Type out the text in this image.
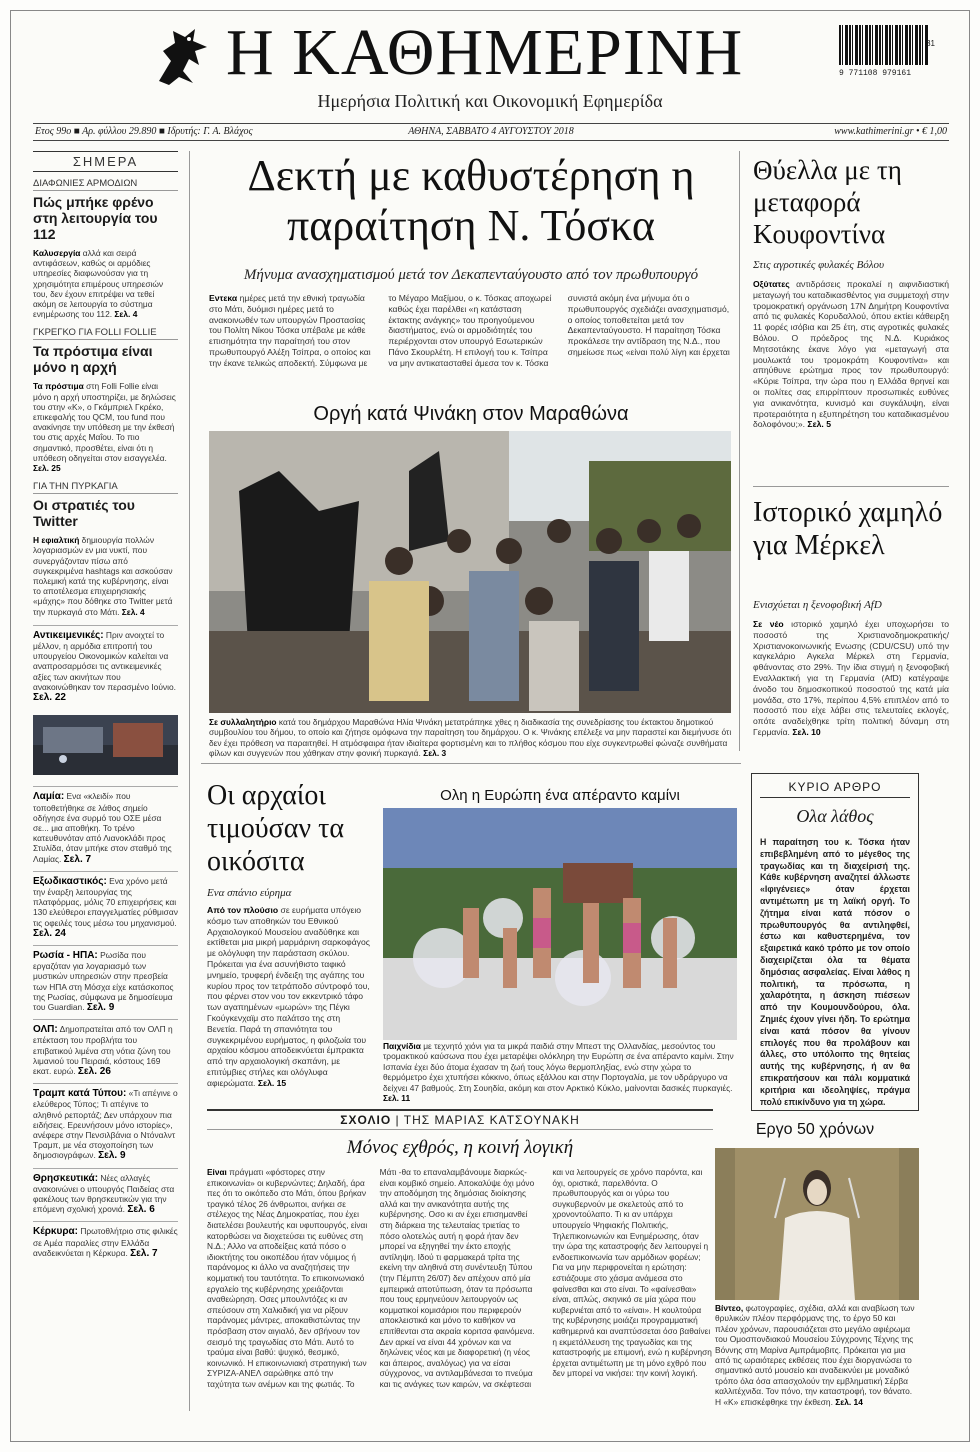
Η ΚΑΘΗΜΕΡΙΝΗ
Ημερήσια Πολιτική και Οικονομική Εφημερίδα
9 771108 979161
31
Ετος 99ο ■ Αρ. φύλλου 29.890 ■ Ιδρυτής: Γ. Α. Βλάχος	ΑΘΗΝΑ, ΣΑΒΒΑΤΟ 4 ΑΥΓΟΥΣΤΟΥ 2018	www.kathimerini.gr • € 1,00
ΣΗΜΕΡΑ
ΔΙΑΦΩΝΙΕΣ ΑΡΜΟΔΙΩΝ
Πώς μπήκε φρένο στη λειτουργία του 112
Καλυσεργία αλλά και σειρά αντιφάσεων, καθώς οι αρμόδιες υπηρεσίες διαφωνούσαν για τη χρησιμότητα επιμέρους υπηρεσιών του, δεν έχουν επιτρέψει να τεθεί ακόμη σε λειτουργία το σύστημα ενημέρωσης του 112. Σελ. 4
ΓΚΡΕΓΚΟ ΓΙΑ FOLLI FOLLIE
Τα πρόστιμα είναι μόνο η αρχή
Τα πρόστιμα στη Folli Follie είναι μόνο η αρχή υποστηρίζει, με δηλώσεις του στην «Κ», ο Γκάμπριελ Γκρέκο, επικεφαλής του QCM, του fund που ανακίνησε την υπόθεση με την έκθεσή του στις αρχές Μαΐου. Το πιο σημαντικό, προσθέτει, είναι ότι η υπόθεση οδηγείται στον εισαγγελέα. Σελ. 25
ΓΙΑ ΤΗΝ ΠΥΡΚΑΓΙΑ
Οι στρατιές του Twitter
Η εφιαλτική δημιουργία πολλών λογαριασμών εν μια νυκτί, που συνεργάζονταν πίσω από συγκεκριμένα hashtags και ασκούσαν πολεμική κατά της κυβέρνησης, είναι το αποτέλεσμα επιχειρησιακής «μάχης» που δόθηκε στο Twitter μετά την πυρκαγιά στο Μάτι. Σελ. 4
Αντικειμενικές: Πριν ανοιχτεί το μέλλον, η αρμόδια επιτροπή του υπουργείου Οικονομικών καλείται να αναπροσαρμόσει τις αντικειμενικές αξίες των ακινήτων που ανακοινώθηκαν τον περασμένο Ιούνιο. Σελ. 22
Λαμία: Ενα «κλειδί» που τοποθετήθηκε σε λάθος σημείο οδήγησε ένα συρμό του ΟΣΕ μέσα σε... μια αποθήκη. Το τρένο κατευθυνόταν από Λιανοκλάδι προς Στυλίδα, όταν μπήκε στον σταθμό της Λαμίας. Σελ. 7
Εξωδικαστικός: Ενα χρόνο μετά την έναρξη λειτουργίας της πλατφόρμας, μόλις 70 επιχειρήσεις και 130 ελεύθεροι επαγγελματίες ρύθμισαν τις οφειλές τους μέσω του μηχανισμού. Σελ. 24
Ρωσία - ΗΠΑ: Ρωσίδα που εργαζόταν για λογαριασμό των μυστικών υπηρεσιών στην πρεσβεία των ΗΠΑ στη Μόσχα είχε κατάσκοπος της Ρωσίας, σύμφωνα με δημοσίευμα του Guardian. Σελ. 9
ΟΛΠ: Δημοπρατείται από τον ΟΛΠ η επέκταση του προβλήτα του επιβατικού λιμένα στη νότια ζώνη του λιμανιού του Πειραιά, κόστους 169 εκατ. ευρώ. Σελ. 26
Τραμπ κατά Τύπου: «Τι απέγινε ο ελεύθερος Τύπος; Τι απέγινε το αληθινό ρεπορτάζ; Δεν υπάρχουν πια ειδήσεις. Ερευνήσουν μόνο ιστορίες», ανέφερε στην Πενσιλβάνια ο Ντόναλντ Τραμπ, με νέα στοχοποίηση των δημοσιογράφων. Σελ. 9
Θρησκευτικά: Νέες αλλαγές ανακοινώνει ο υπουργός Παιδείας στα φακέλους των θρησκευτικών για την επόμενη σχολική χρονιά. Σελ. 6
Κέρκυρα: Πρωτοθλήτριο στις φιλικές σε Αμέα παραλίες στην Ελλάδα αναδεικνύεται η Κέρκυρα. Σελ. 7
Δεκτή με καθυστέρηση η παραίτηση Ν. Τόσκα
Μήνυμα ανασχηματισμού μετά τον Δεκαπενταύγουστο από τον πρωθυπουργό
Εντεκα ημέρες μετά την εθνική τραγωδία στο Μάτι, δυόμισι ημέρες μετά το ανακοινωθέν των υπουργών Προστασίας του Πολίτη Νίκου Τόσκα υπέβαλε με κάθε επισημότητα την παραίτησή του στον πρωθυπουργό Αλέξη Τσίπρα, ο οποίος και την έκανε τελικώς αποδεκτή. Σύμφωνα με το Μέγαρο Μαξίμου, ο κ. Τόσκας αποχωρεί καθώς έχει παρέλθει «η κατάσταση έκτακτης ανάγκης» του προηγούμενου διαστήματος, ενώ οι αρμοδιότητές του περιέρχονται στον υπουργό Εσωτερικών Πάνο Σκουρλέτη. Η επιλογή του κ. Τσίπρα να μην αντικατασταθεί άμεσα τον κ. Τόσκα συνιστά ακόμη ένα μήνυμα ότι ο πρωθυπουργός σχεδιάζει ανασχηματισμό, ο οποίος τοποθετείται μετά τον Δεκαπενταύγουστο. Η παραίτηση Τόσκα προκάλεσε την αντίδραση της Ν.Δ., που σημείωσε πως «είναι πολύ λίγη και έρχεται
Οργή κατά Ψινάκη στον Μαραθώνα
Σε συλλαλητήριο κατά του δημάρχου Μαραθώνα Ηλία Ψινάκη μετατράπηκε χθες η διαδικασία της συνεδρίασης του έκτακτου δημοτικού συμβουλίου του δήμου, το οποίο και ζήτησε ομόφωνα την παραίτηση του δημάρχου. Ο κ. Ψινάκης επέλεξε να μην παραστεί και διεμήνυσε ότι δεν έχει πρόθεση να παραιτηθεί. Η ατμόσφαιρα ήταν ιδιαίτερα φορτισμένη και το πλήθος κόσμου που είχε συγκεντρωθεί φώναζε συνθήματα φίλων και συγγενών που χάθηκαν στην φονική πυρκαγιά. Σελ. 3
Θύελλα με τη μεταφορά Κουφοντίνα
Στις αγροτικές φυλακές Βόλου
Οξύτατες αντιδράσεις προκαλεί η αιφνιδιαστική μεταγωγή του καταδικασθέντος για συμμετοχή στην τρομοκρατική οργάνωση 17Ν Δημήτρη Κουφοντίνα από τις φυλακές Κορυδαλλού, όπου εκτίει κάθειρξη 11 φορές ισόβια και 25 έτη, στις αγροτικές φυλακές Βόλου. Ο πρόεδρος της Ν.Δ. Κυριάκος Μητσοτάκης έκανε λόγο για «μεταγωγή στα μουλωκτά του τρομοκράτη Κουφοντίνα» και απηύθυνε ερώτημα προς τον πρωθυπουργό: «Κύριε Τσίπρα, την ώρα που η Ελλάδα θρηνεί και οι πολίτες σας επιρρίπτουν προσωπικές ευθύνες για ανικανότητα, κυνισμό και συγκάλυψη, είναι προτεραιότητα η εξυπηρέτηση του καταδικασμένου δολοφόνου;». Σελ. 5
Ιστορικό χαμηλό για Μέρκελ
Ενισχύεται η ξενοφοβική AfD
Σε νέο ιστορικό χαμηλό έχει υποχωρήσει το ποσοστό της Χριστιανοδημοκρατικής/Χριστιανοκοινωνικής Ενωσης (CDU/CSU) υπό την καγκελάριο Αγκελα Μέρκελ στη Γερμανία, φθάνοντας στο 29%. Την ίδια στιγμή η ξενοφοβική Εναλλακτική για τη Γερμανία (AfD) κατέγραψε άνοδο του δημοσκοπικού ποσοστού της κατά μία μονάδα, στο 17%, περίπου 4,5% επιπλέον από το ποσοστό που είχε λάβει στις τελευταίες εκλογές, οπότε αναδείχθηκε τρίτη πολιτική δύναμη στη Γερμανία. Σελ. 10
ΚΥΡΙΟ ΑΡΘΡΟ
Ολα λάθος
Η παραίτηση του κ. Τόσκα ήταν επιβεβλημένη από το μέγεθος της τραγωδίας και τη διαχείρισή της. Κάθε κυβέρνηση αναζητεί άλλωστε «Ιφιγένειες» όταν έρχεται αντιμέτωπη με τη λαϊκή οργή. Το ζήτημα είναι κατά πόσον ο πρωθυπουργός θα αντιληφθεί, έστω και καθυστερημένα, τον εξαιρετικά κακό τρόπο με τον οποίο διαχειρίζεται όλα τα θέματα δημόσιας ασφαλείας. Είναι λάθος η πολιτική, τα πρόσωπα, η χαλαρότητα, η άσκηση πιέσεων από την Κουμουνδούρου, όλα. Ζημιές έχουν γίνει ήδη. Το ερώτημα είναι κατά πόσον θα γίνουν επιλογές που θα προλάβουν και άλλες, στο υπόλοιπο της θητείας αυτής της κυβέρνησης, ή αν θα επικρατήσουν και πάλι κομματικά κριτήρια και ιδεοληψίες, πράγμα πολύ επικίνδυνο για τη χώρα.
Οι αρχαίοι τιμούσαν τα οικόσιτα
Ενα σπάνιο εύρημα
Από τον πλούσιο σε ευρήματα υπόγειο κόσμο των αποθηκών του Εθνικού Αρχαιολογικού Μουσείου αναδύθηκε και εκτίθεται μια μικρή μαρμάρινη σαρκοφάγος με ολόγλυφη την παράσταση σκύλου. Πρόκειται για ένα ασυνήθιστο ταφικό μνημείο, τρυφερή ένδειξη της αγάπης του κυρίου προς τον τετράποδο σύντροφό του, που φέρνει στον νου τον εκκεντρικό τάφο των αγαπημένων «μωρών» της Πέγκι Γκούγκενχαϊμ στο παλάτσο της στη Βενετία. Παρά τη σπανιότητα του συγκεκριμένου ευρήματος, η φιλοζωία του αρχαίου κόσμου αποδεικνύεται έμπρακτα από την αρχαιολογική σκαπάνη, με επιτύμβιες στήλες και ολόγλυφα αφιερώματα. Σελ. 15
Ολη η Ευρώπη ένα απέραντο καμίνι
Παιχνίδια με τεχνητό χιόνι για τα μικρά παιδιά στην Μπεστ της Ολλανδίας, μεσούντος του τρομακτικού καύσωνα που έχει μεταρέψει ολόκληρη την Ευρώπη σε ένα απέραντο καμίνι. Στην Ισπανία έχει δύο άτομα έχασαν τη ζωή τους λόγω θερμοπληξίας, ενώ στην χώρα το θερμόμετρο έχει χτυπήσει κόκκινο, όπως εξάλλου και στην Πορτογαλία, με τον υδράργυρο να δείχνει 47 βαθμούς. Στη Σουηδία, ακόμη και στον Αρκτικό Κύκλο, μαίνονται δασικές πυρκαγιές. Σελ. 11
ΣΧΟΛΙΟ | ΤΗΣ ΜΑΡΙΑΣ ΚΑΤΣΟΥΝΑΚΗ
Μόνος εχθρός, η κοινή λογική
Είναι πράγματι «φόστορες στην επικοινωνία» οι κυβερνώντες; Δηλαδή, άρα πες ότι το οικόπεδο στο Μάτι, όπου βρήκαν τραγικό τέλος 26 άνθρωποι, ανήκει σε στέλεχος της Νέας Δημοκρατίας, που έχει διατελέσει βουλευτής και υφυπουργός, είναι κατορθώσει να διοχετεύσει τις ευθύνες στη Ν.Δ.; Αλλο να αποδείξεις κατά πόσο ο ιδιοκτήτης του οικοπέδου ήταν νόμιμος ή παράνομος κι άλλο να αναζητήσεις την κομματική του ταυτότητα. Το επικοινωνιακό εργαλείο της κυβέρνησης χρειάζονται αναθεώρηση. Οσες μπουλντόζες κι αν σπεύσουν στη Χαλκιδική για να ρίξουν παράνομες μάντρες, αποκαθιστώντας την πρόσβαση στον αιγιαλό, δεν σβήνουν τον σεισμό της τραγωδίας στο Μάτι. Αυτό το τραύμα είναι βαθύ: ψυχικό, θεσμικό, κοινωνικό. Η επικοινωνιακή στρατηγική των ΣΥΡΙΖΑ-ΑΝΕΛ σαρώθηκε από την ταχύτητα των ανέμων και της φωτιάς. Το Μάτι -θα το επαναλαμβάνουμε διαρκώς- είναι κομβικό σημείο. Αποκαλύψε όχι μόνο την αποδόμηση της δημόσιας διοίκησης αλλά και την ανικανότητα αυτής της κυβέρνησης. Οσο κι αν έχει επισημανθεί στη διάρκεια της τελευταίας τριετίας το πόσο ολοτελώς αυτή η φορά ήταν δεν μπορεί να εξηγηθεί την έκτο εποχής αντίληψη. Ιδού τι φαρμακερά τρίτα της εκείνη την αληθινά στη συνέντευξη Τύπου (την Πέμπτη 26/07) δεν απέχουν από μία εμπειρικά αποτύπωση, όταν τα πρόσωπα που τους ερμηνεύουν λειτουργούν ως κομματικοί κομισάριοι που περιφερούν αποκλειστικά και μόνο το καθήκον να επιτίθενται στα ακραία κοριτσα φαινόμενα. Δεν αρκεί να είναι 44 χρόνων και να δηλώνεις νέος και με διαφορετική (η νέος και άπειρος, αναλόγως) για να είσαι σύγχρονος, να αντιλαμβάνεσαι το πνεύμα και τις ανάγκες των καιρών, να σκέφτεσαι και να λειτουργείς σε χρόνο παρόντα, και όχι, οριστικά, παρελθόντα. Ο πρωθυπουργός και οι γύρω του συγκυβερνούν με σκελετούς από το χρονοντούλαπο. Τι κι αν υπάρχει υπουργείο Ψηφιακής Πολιτικής, Τηλεπικοινωνιών και Ενημέρωσης, όταν την ώρα της καταστροφής δεν λειτουργεί η ενδοεπικοινωνία των αρμόδιων φορέων; Για να μην περιφρονείται η ερώτηση: εστιάζουμε στο χάσμα ανάμεσα στο φαίνεσθαι και στο είναι. Το «φαίνεσθαι» είναι, απλώς, σκηνικό σε μία χώρα που κυβερνιέται από το «είναι». Η κουλτούρα της κυβέρνησης μοιάζει προγραμματική καθημερινά και αναπτύσσεται όσο βαθαίνει η εκμετάλλευση της τραγωδίας και της καταστροφής με επιμονή, ενώ η κυβέρνηση έρχεται αντιμέτωπη με τη μόνο εχθρό που δεν μπορεί να νικήσει: την κοινή λογική.
Εργο 50 χρόνων
Βίντεο, φωτογραφίες, σχέδια, αλλά και αναβίωση των θρυλικών πλέον περφόρμανς της, το έργο 50 και πλέον χρόνων, παρουσιάζεται στο μεγάλο αφιέρωμα του Ομοσπονδιακού Μουσείου Σύγχρονης Τέχνης της Βόννης στη Μαρίνα Αμπράμοβιτς. Πρόκειται για μια από τις ωραιότερες εκθέσεις που έχει διοργανώσει το σημαντικό αυτό μουσείο και αναδεικνύει με μοναδικό τρόπο όλα όσα απασχολούν την εμβληματική Σέρβα καλλιτέχνιδα. Τον πόνο, την καταστροφή, τον θάνατο. Η «Κ» επισκέφθηκε την έκθεση. Σελ. 14
